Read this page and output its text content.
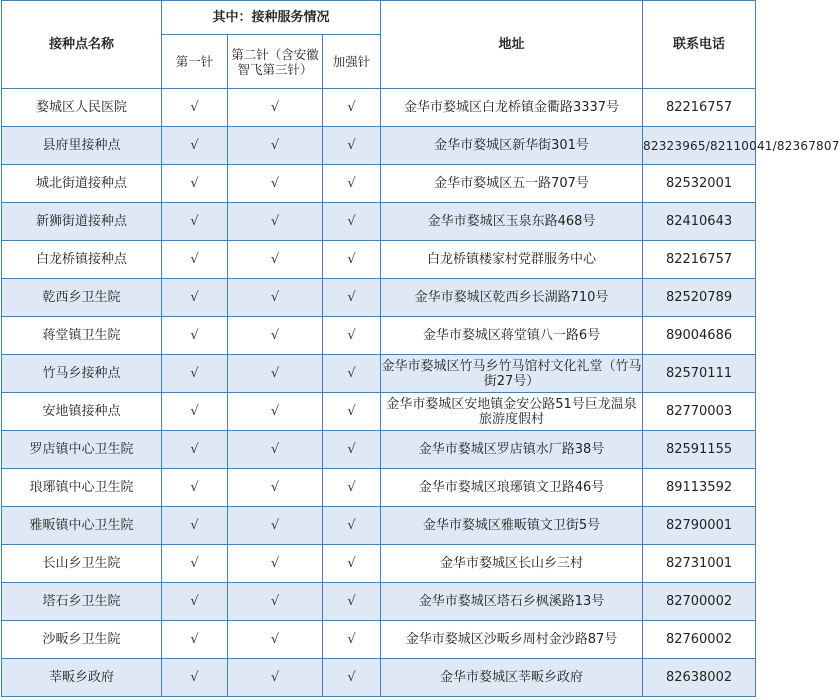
接种点名称	其中：接种服务情况			地址	联系电话
	第一针	第二针（含安徽智飞第三针）	加强针		
婺城区人民医院	√	√	√	金华市婺城区白龙桥镇金衢路3337号	82216757
县府里接种点	√	√	√	金华市婺城区新华街301号	82323965/82110041/82367807
城北街道接种点	√	√	√	金华市婺城区五一路707号	82532001
新狮街道接种点	√	√	√	金华市婺城区玉泉东路468号	82410643
白龙桥镇接种点	√	√	√	白龙桥镇楼家村党群服务中心	82216757
乾西乡卫生院	√	√	√	金华市婺城区乾西乡长湖路710号	82520789
蒋堂镇卫生院	√	√	√	金华市婺城区蒋堂镇八一路6号	89004686
竹马乡接种点	√	√	√	金华市婺城区竹马乡竹马馆村文化礼堂（竹马街27号）	82570111
安地镇接种点	√	√	√	金华市婺城区安地镇金安公路51号巨龙温泉旅游度假村	82770003
罗店镇中心卫生院	√	√	√	金华市婺城区罗店镇水厂路38号	82591155
琅琊镇中心卫生院	√	√	√	金华市婺城区琅琊镇文卫路46号	89113592
雅畈镇中心卫生院	√	√	√	金华市婺城区雅畈镇文卫街5号	82790001
长山乡卫生院	√	√	√	金华市婺城区长山乡三村	82731001
塔石乡卫生院	√	√	√	金华市婺城区塔石乡枫溪路13号	82700002
沙畈乡卫生院	√	√	√	金华市婺城区沙畈乡周村金沙路87号	82760002
莘畈乡政府	√	√	√	金华市婺城区莘畈乡政府	82638002
